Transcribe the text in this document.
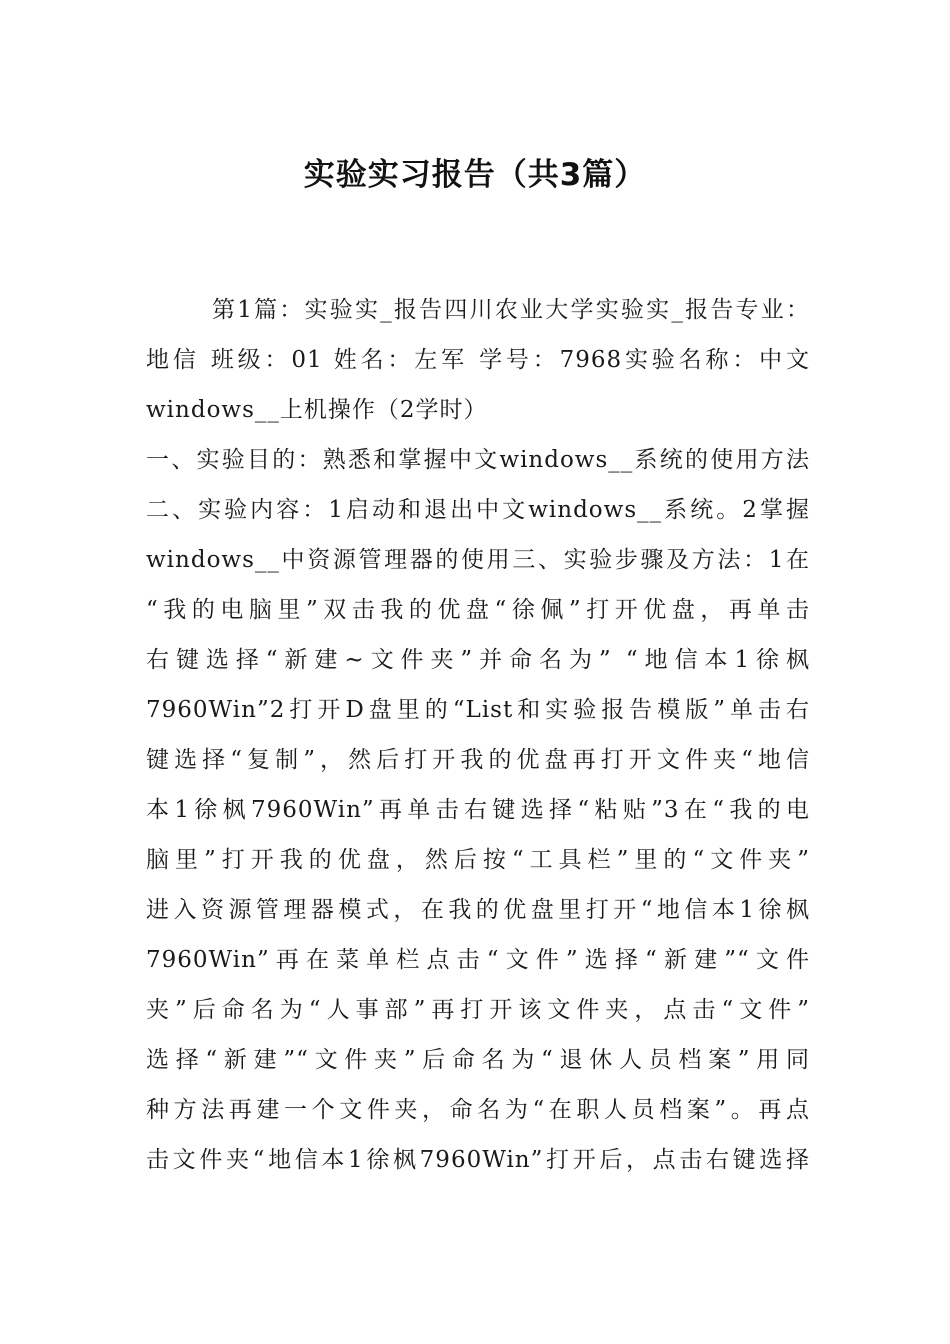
实验实习报告（共3篇）
第1篇：实验实_报告四川农业大学实验实_报告专业：
地信 班级：01 姓名：左军 学号：7968实验名称：中文
windows__上机操作（2学时）
一、实验目的：熟悉和掌握中文windows__系统的使用方法
二、实验内容：1启动和退出中文windows__系统。2掌握
windows__中资源管理器的使用三、实验步骤及方法：1在
“我的电脑里”双击我的优盘“徐佩”打开优盘，再单击
右键选择“新建~文件夹”并命名为” “地信本1徐枫
7960Win”2打开D盘里的“List和实验报告模版”单击右
键选择“复制”，然后打开我的优盘再打开文件夹“地信
本1徐枫7960Win”再单击右键选择“粘贴”3在“我的电
脑里”打开我的优盘，然后按“工具栏”里的“文件夹”
进入资源管理器模式，在我的优盘里打开“地信本1徐枫
7960Win”再在菜单栏点击“文件”选择“新建”“文件
夹”后命名为“人事部”再打开该文件夹，点击“文件”
选择“新建”“文件夹”后命名为“退休人员档案”用同
种方法再建一个文件夹，命名为“在职人员档案”。再点
击文件夹“地信本1徐枫7960Win”打开后，点击右键选择
